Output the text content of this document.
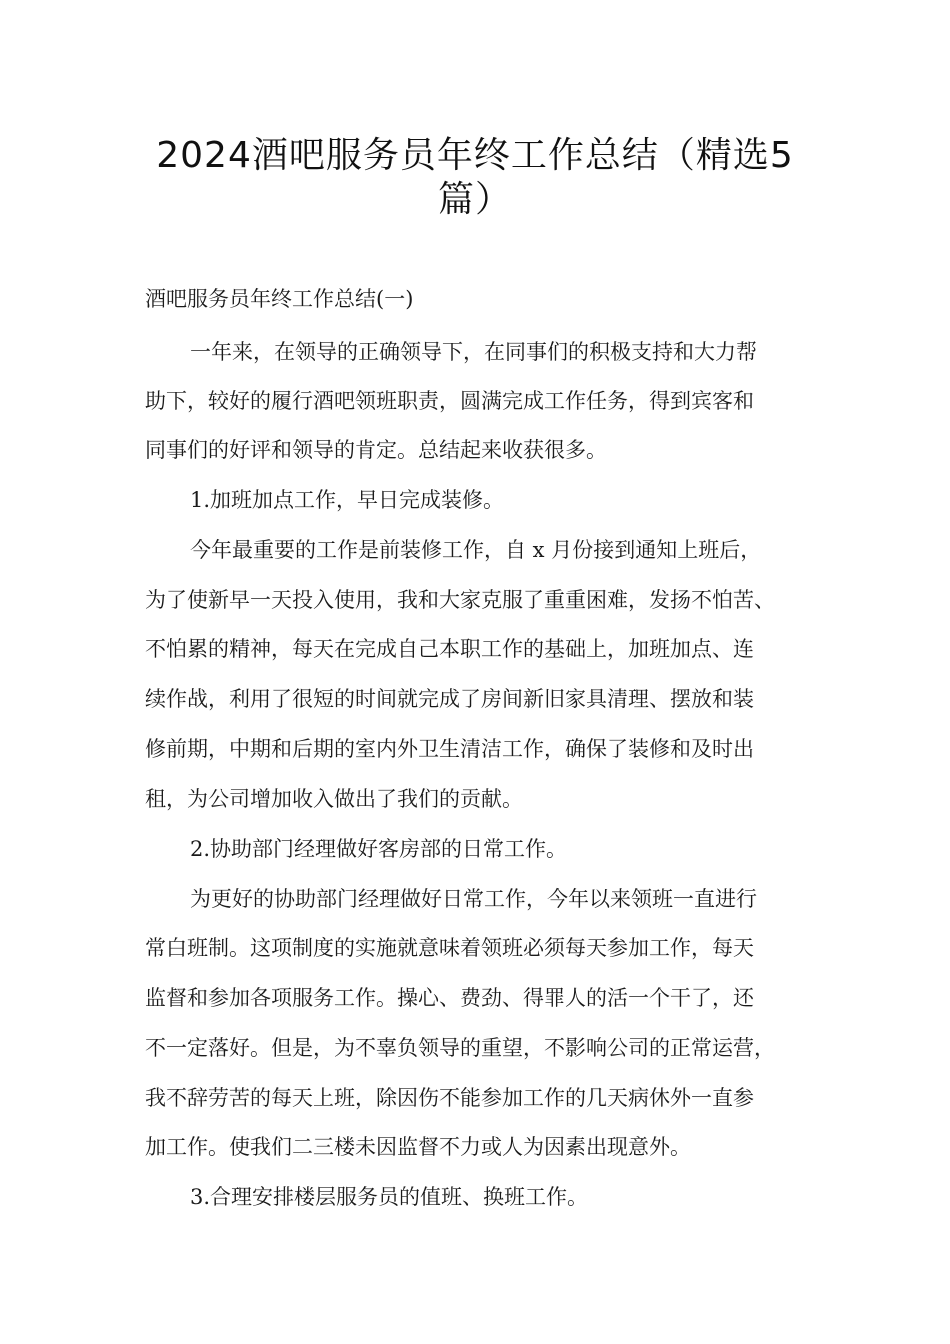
2024酒吧服务员年终工作总结（精选5
篇）
酒吧服务员年终工作总结(一)

一年来，在领导的正确领导下，在同事们的积极支持和大力帮

助下，较好的履行酒吧领班职责，圆满完成工作任务，得到宾客和

同事们的好评和领导的肯定。总结起来收获很多。

1.加班加点工作，早日完成装修。

今年最重要的工作是前装修工作，自 x 月份接到通知上班后，

为了使新早一天投入使用，我和大家克服了重重困难，发扬不怕苦、

不怕累的精神，每天在完成自己本职工作的基础上，加班加点、连

续作战，利用了很短的时间就完成了房间新旧家具清理、摆放和装

修前期，中期和后期的室内外卫生清洁工作，确保了装修和及时出

租，为公司增加收入做出了我们的贡献。

2.协助部门经理做好客房部的日常工作。

为更好的协助部门经理做好日常工作，今年以来领班一直进行

常白班制。这项制度的实施就意味着领班必须每天参加工作，每天

监督和参加各项服务工作。操心、费劲、得罪人的活一个干了，还

不一定落好。但是，为不辜负领导的重望，不影响公司的正常运营，

我不辞劳苦的每天上班，除因伤不能参加工作的几天病休外一直参

加工作。使我们二三楼未因监督不力或人为因素出现意外。

3.合理安排楼层服务员的值班、换班工作。
